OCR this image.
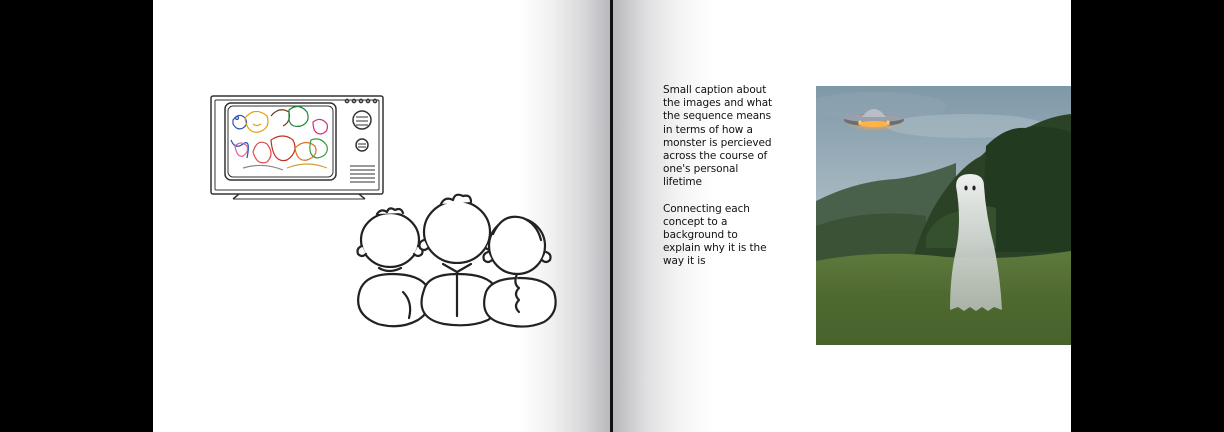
Small caption about the images and what the sequence means in terms of how a monster is percieved across the course of one's personal lifetime

Connecting each concept to a background to explain why it is the way it is
